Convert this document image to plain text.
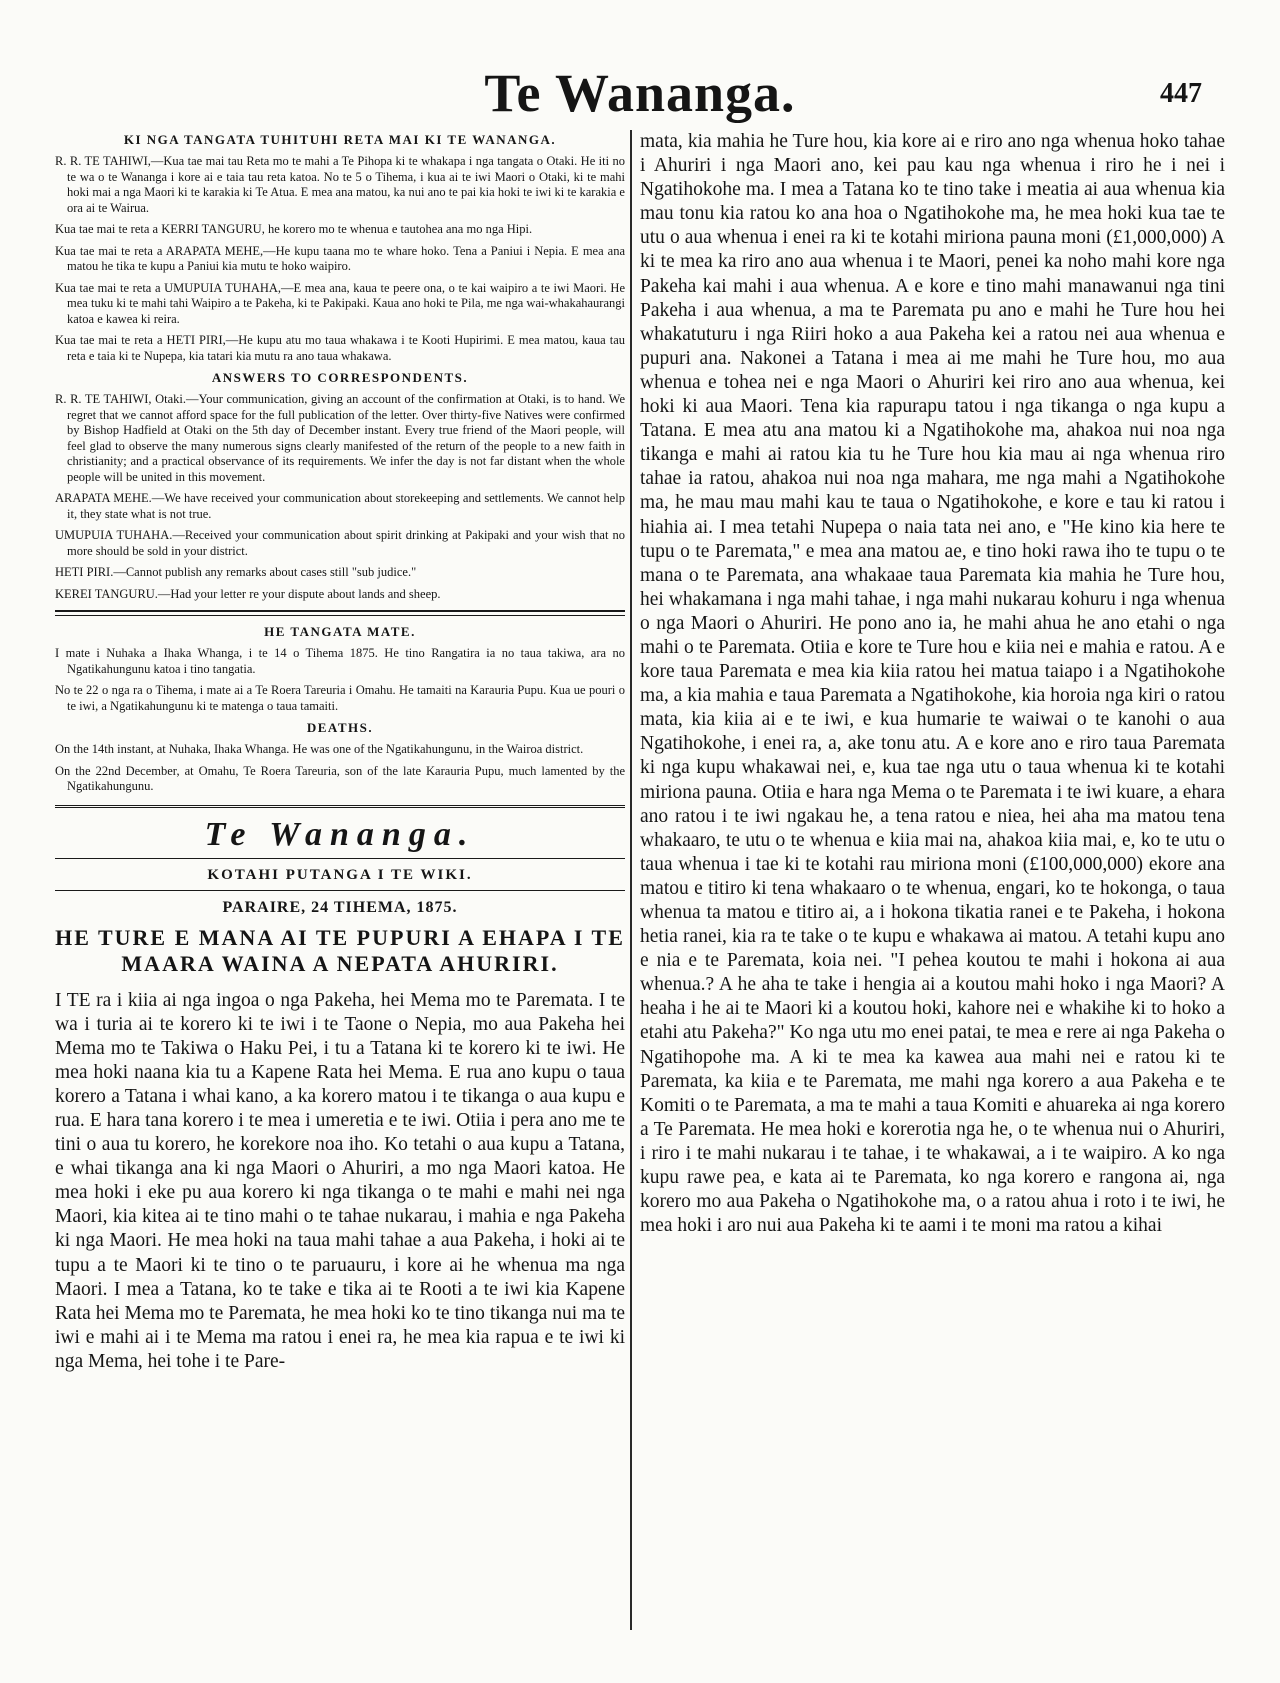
Te Wananga.	447
KI NGA TANGATA TUHITUHI RETA MAI KI TE WANANGA.

R. R. TE TAHIWI,—Kua tae mai tau Reta mo te mahi a Te Pihopa ki te whakapa i nga tangata o Otaki. He iti no te wa o te Wananga i kore ai e taia tau reta katoa. No te 5 o Tihema, i kua ai te iwi Maori o Otaki, ki te mahi hoki mai a nga Maori ki te karakia ki Te Atua. E mea ana matou, ka nui ano te pai kia hoki te iwi ki te karakia e ora ai te Wairua.

Kua tae mai te reta a KERRI TANGURU, he korero mo te whenua e tautohea ana mo nga Hipi.

Kua tae mai te reta a ARAPATA MEHE,—He kupu taana mo te whare hoko. Tena a Paniui i Nepia. E mea ana matou he tika te kupu a Paniui kia mutu te hoko waipiro.

Kua tae mai te reta a UMUPUIA TUHAHA,—E mea ana, kaua te peere ona, o te kai waipiro a te iwi Maori. He mea tuku ki te mahi tahi Waipiro a te Pakeha, ki te Pakipaki. Kaua ano hoki te Pila, me nga wai-whakahaurangi katoa e kawea ki reira.

Kua tae mai te reta a HETI PIRI,—He kupu atu mo taua whakawa i te Kooti Hupirimi. E mea matou, kaua tau reta e taia ki te Nupepa, kia tatari kia mutu ra ano taua whakawa.

ANSWERS TO CORRESPONDENTS.

R. R. TE TAHIWI, Otaki.—Your communication, giving an account of the confirmation at Otaki, is to hand. We regret that we cannot afford space for the full publication of the letter. Over thirty-five Natives were confirmed by Bishop Hadfield at Otaki on the 5th day of December instant. Every true friend of the Maori people, will feel glad to observe the many numerous signs clearly manifested of the return of the people to a new faith in christianity; and a practical observance of its requirements. We infer the day is not far distant when the whole people will be united in this movement.

ARAPATA MEHE.—We have received your communication about storekeeping and settlements. We cannot help it, they state what is not true.

UMUPUIA TUHAHA.—Received your communication about spirit drinking at Pakipaki and your wish that no more should be sold in your district.

HETI PIRI.—Cannot publish any remarks about cases still "sub judice."

KEREI TANGURU.—Had your letter re your dispute about lands and sheep.

HE TANGATA MATE.

I mate i Nuhaka a Ihaka Whanga, i te 14 o Tihema 1875. He tino Rangatira ia no taua takiwa, ara no Ngatikahungunu katoa i tino tangatia.

No te 22 o nga ra o Tihema, i mate ai a Te Roera Tareuria i Omahu. He tamaiti na Karauria Pupu. Kua ue pouri o te iwi, a Ngatikahungunu ki te matenga o taua tamaiti.

DEATHS.

On the 14th instant, at Nuhaka, Ihaka Whanga. He was one of the Ngatikahungunu, in the Wairoa district.

On the 22nd December, at Omahu, Te Roera Tareuria, son of the late Karauria Pupu, much lamented by the Ngatikahungunu.

Te Wananga.
KOTAHI PUTANGA I TE WIKI.
PARAIRE, 24 TIHEMA, 1875.
HE TURE E MANA AI TE PUPURI A EHAPA I TE MAARA WAINA A NEPATA AHURIRI.

I TE ra i kiia ai nga ingoa o nga Pakeha, hei Mema mo te Paremata. I te wa i turia ai te korero ki te iwi i te Taone o Nepia, mo aua Pakeha hei Mema mo te Takiwa o Haku Pei, i tu a Tatana ki te korero ki te iwi. He mea hoki naana kia tu a Kapene Rata hei Mema. E rua ano kupu o taua korero a Tatana i whai kano, a ka korero matou i te tikanga o aua kupu e rua. E hara tana korero i te mea i umeretia e te iwi. Otiia i pera ano me te tini o aua tu korero, he korekore noa iho. Ko tetahi o aua kupu a Tatana, e whai tikanga ana ki nga Maori o Ahuriri, a mo nga Maori katoa. He mea hoki i eke pu aua korero ki nga tikanga o te mahi e mahi nei nga Maori, kia kitea ai te tino mahi o te tahae nukarau, i mahia e nga Pakeha ki nga Maori. He mea hoki na taua mahi tahae a aua Pakeha, i hoki ai te tupu a te Maori ki te tino o te paruauru, i kore ai he whenua ma nga Maori. I mea a Tatana, ko te take e tika ai te Rooti a te iwi kia Kapene Rata hei Mema mo te Paremata, he mea hoki ko te tino tikanga nui ma te iwi e mahi ai i te Mema ma ratou i enei ra, he mea kia rapua e te iwi ki nga Mema, hei tohe i te Pare-

mata, kia mahia he Ture hou, kia kore ai e riro ano nga whenua hoko tahae i Ahuriri i nga Maori ano, kei pau kau nga whenua i riro he i nei i Ngatihokohe ma. I mea a Tatana ko te tino take i meatia ai aua whenua kia mau tonu kia ratou ko ana hoa o Ngatihokohe ma, he mea hoki kua tae te utu o aua whenua i enei ra ki te kotahi miriona pauna moni (£1,000,000) A ki te mea ka riro ano aua whenua i te Maori, penei ka noho mahi kore nga Pakeha kai mahi i aua whenua. A e kore e tino mahi manawanui nga tini Pakeha i aua whenua, a ma te Paremata pu ano e mahi he Ture hou hei whakatuturu i nga Riiri hoko a aua Pakeha kei a ratou nei aua whenua e pupuri ana. Nakonei a Tatana i mea ai me mahi he Ture hou, mo aua whenua e tohea nei e nga Maori o Ahuriri kei riro ano aua whenua, kei hoki ki aua Maori. Tena kia rapurapu tatou i nga tikanga o nga kupu a Tatana. E mea atu ana matou ki a Ngatihokohe ma, ahakoa nui noa nga tikanga e mahi ai ratou kia tu he Ture hou kia mau ai nga whenua riro tahae ia ratou, ahakoa nui noa nga mahara, me nga mahi a Ngatihokohe ma, he mau mau mahi kau te taua o Ngatihokohe, e kore e tau ki ratou i hiahia ai. I mea tetahi Nupepa o naia tata nei ano, e "He kino kia here te tupu o te Paremata," e mea ana matou ae, e tino hoki rawa iho te tupu o te mana o te Paremata, ana whakaae taua Paremata kia mahia he Ture hou, hei whakamana i nga mahi tahae, i nga mahi nukarau kohuru i nga whenua o nga Maori o Ahuriri. He pono ano ia, he mahi ahua he ano etahi o nga mahi o te Paremata. Otiia e kore te Ture hou e kiia nei e mahia e ratou. A e kore taua Paremata e mea kia kiia ratou hei matua taiapo i a Ngatihokohe ma, a kia mahia e taua Paremata a Ngatihokohe, kia horoia nga kiri o ratou mata, kia kiia ai e te iwi, e kua humarie te waiwai o te kanohi o aua Ngatihokohe, i enei ra, a, ake tonu atu. A e kore ano e riro taua Paremata ki nga kupu whakawai nei, e, kua tae nga utu o taua whenua ki te kotahi miriona pauna. Otiia e hara nga Mema o te Paremata i te iwi kuare, a ehara ano ratou i te iwi ngakau he, a tena ratou e niea, hei aha ma matou tena whakaaro, te utu o te whenua e kiia mai na, ahakoa kiia mai, e, ko te utu o taua whenua i tae ki te kotahi rau miriona moni (£100,000,000) ekore ana matou e titiro ki tena whakaaro o te whenua, engari, ko te hokonga, o taua whenua ta matou e titiro ai, a i hokona tikatia ranei e te Pakeha, i hokona hetia ranei, kia ra te take o te kupu e whakawa ai matou. A tetahi kupu ano e nia e te Paremata, koia nei. "I pehea koutou te mahi i hokona ai aua whenua.? A he aha te take i hengia ai a koutou mahi hoko i nga Maori? A heaha i he ai te Maori ki a koutou hoki, kahore nei e whakihe ki to hoko a etahi atu Pakeha?" Ko nga utu mo enei patai, te mea e rere ai nga Pakeha o Ngatihopohe ma. A ki te mea ka kawea aua mahi nei e ratou ki te Paremata, ka kiia e te Paremata, me mahi nga korero a aua Pakeha e te Komiti o te Paremata, a ma te mahi a taua Komiti e ahuareka ai nga korero a Te Paremata. He mea hoki e korerotia nga he, o te whenua nui o Ahuriri, i riro i te mahi nukarau i te tahae, i te whakawai, a i te waipiro. A ko nga kupu rawe pea, e kata ai te Paremata, ko nga korero e rangona ai, nga korero mo aua Pakeha o Ngatihokohe ma, o a ratou ahua i roto i te iwi, he mea hoki i aro nui aua Pakeha ki te aami i te moni ma ratou a kihai
